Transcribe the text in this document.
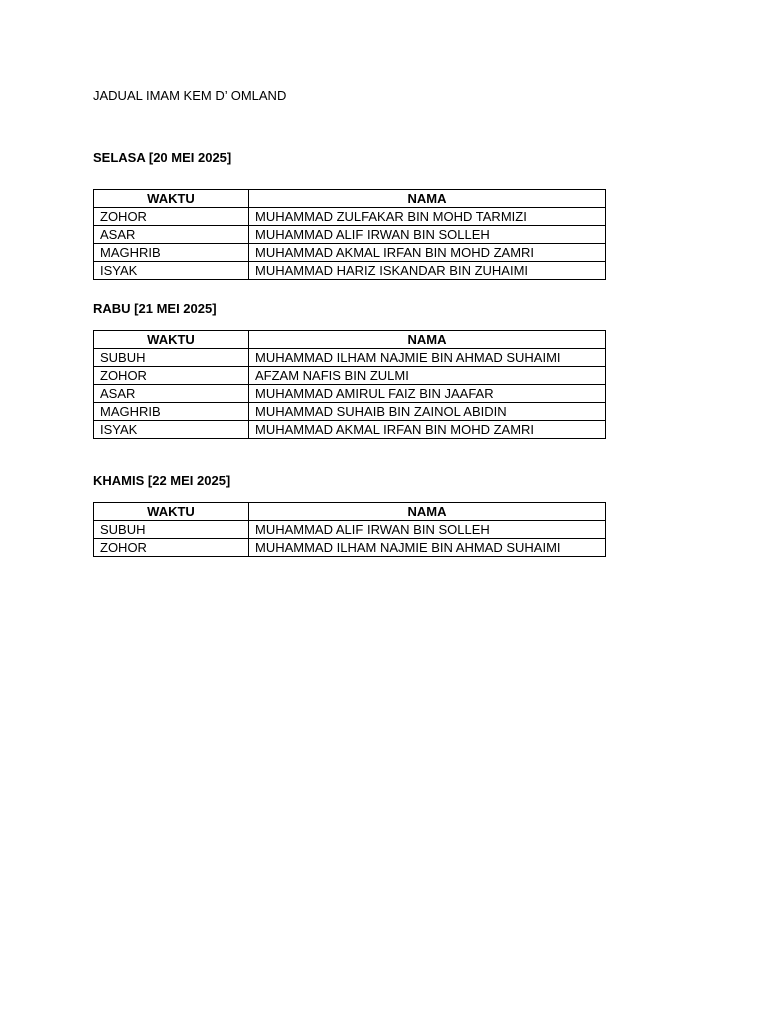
JADUAL IMAM KEM D’ OMLAND
SELASA [20 MEI 2025]
WAKTU	NAMA
ZOHOR	MUHAMMAD ZULFAKAR BIN MOHD TARMIZI
ASAR	MUHAMMAD ALIF IRWAN BIN SOLLEH
MAGHRIB	MUHAMMAD AKMAL IRFAN BIN MOHD ZAMRI
ISYAK	MUHAMMAD HARIZ ISKANDAR BIN ZUHAIMI
RABU [21 MEI 2025]
WAKTU	NAMA
SUBUH	MUHAMMAD ILHAM NAJMIE BIN AHMAD SUHAIMI
ZOHOR	AFZAM NAFIS BIN ZULMI
ASAR	MUHAMMAD AMIRUL FAIZ BIN JAAFAR
MAGHRIB	MUHAMMAD SUHAIB BIN ZAINOL ABIDIN
ISYAK	MUHAMMAD AKMAL IRFAN BIN MOHD ZAMRI
KHAMIS [22 MEI 2025]
WAKTU	NAMA
SUBUH	MUHAMMAD ALIF IRWAN BIN SOLLEH
ZOHOR	MUHAMMAD ILHAM NAJMIE BIN AHMAD SUHAIMI
